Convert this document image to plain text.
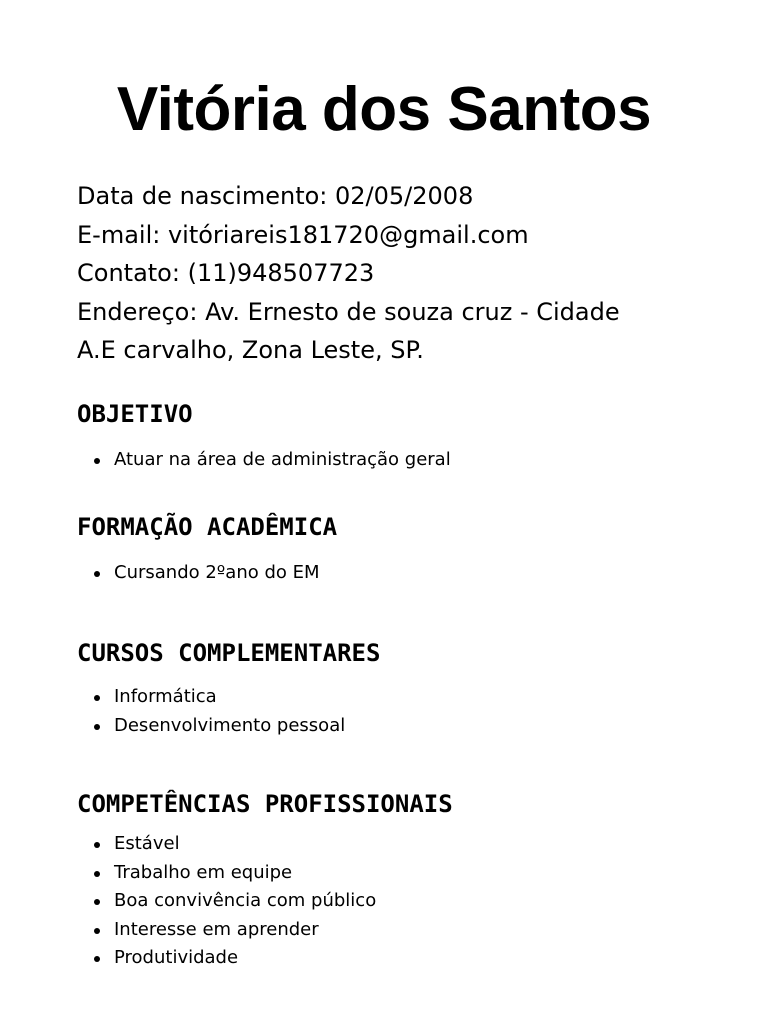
Vitória dos Santos
Data de nascimento: 02/05/2008
E-mail: vitóriareis181720@gmail.com
Contato: (11)948507723
Endereço: Av. Ernesto de souza cruz - Cidade
A.E carvalho, Zona Leste, SP.
OBJETIVO
Atuar na área de administração geral
FORMAÇÃO ACADÊMICA
Cursando 2ºano do EM
CURSOS COMPLEMENTARES
Informática
Desenvolvimento pessoal
COMPETÊNCIAS PROFISSIONAIS
Estável
Trabalho em equipe
Boa convivência com público
Interesse em aprender
Produtividade
